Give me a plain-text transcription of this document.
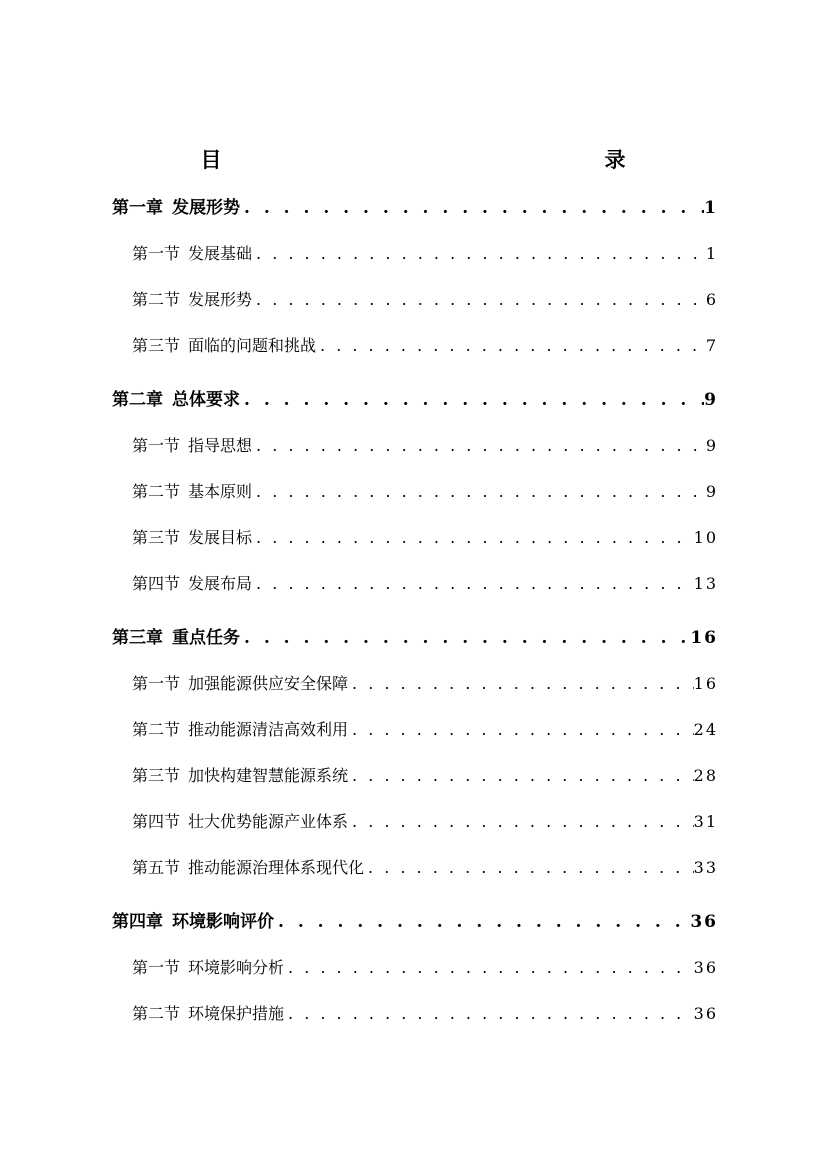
目　　　录
第一章 发展形势 . . .	1
第一节 发展基础 . . .	1
第二节 发展形势 . . .	6
第三节 面临的问题和挑战 . . .	7
第二章 总体要求 . . .	9
第一节 指导思想 . . .	9
第二节 基本原则 . . .	9
第三节 发展目标 . . .	10
第四节 发展布局 . . .	13
第三章 重点任务 . . .	16
第一节 加强能源供应安全保障 . . .	16
第二节 推动能源清洁高效利用 . . .	24
第三节 加快构建智慧能源系统 . . .	28
第四节 壮大优势能源产业体系 . . .	31
第五节 推动能源治理体系现代化 . . .	33
第四章 环境影响评价 . . .	36
第一节 环境影响分析 . . .	36
第二节 环境保护措施 . . .	36
